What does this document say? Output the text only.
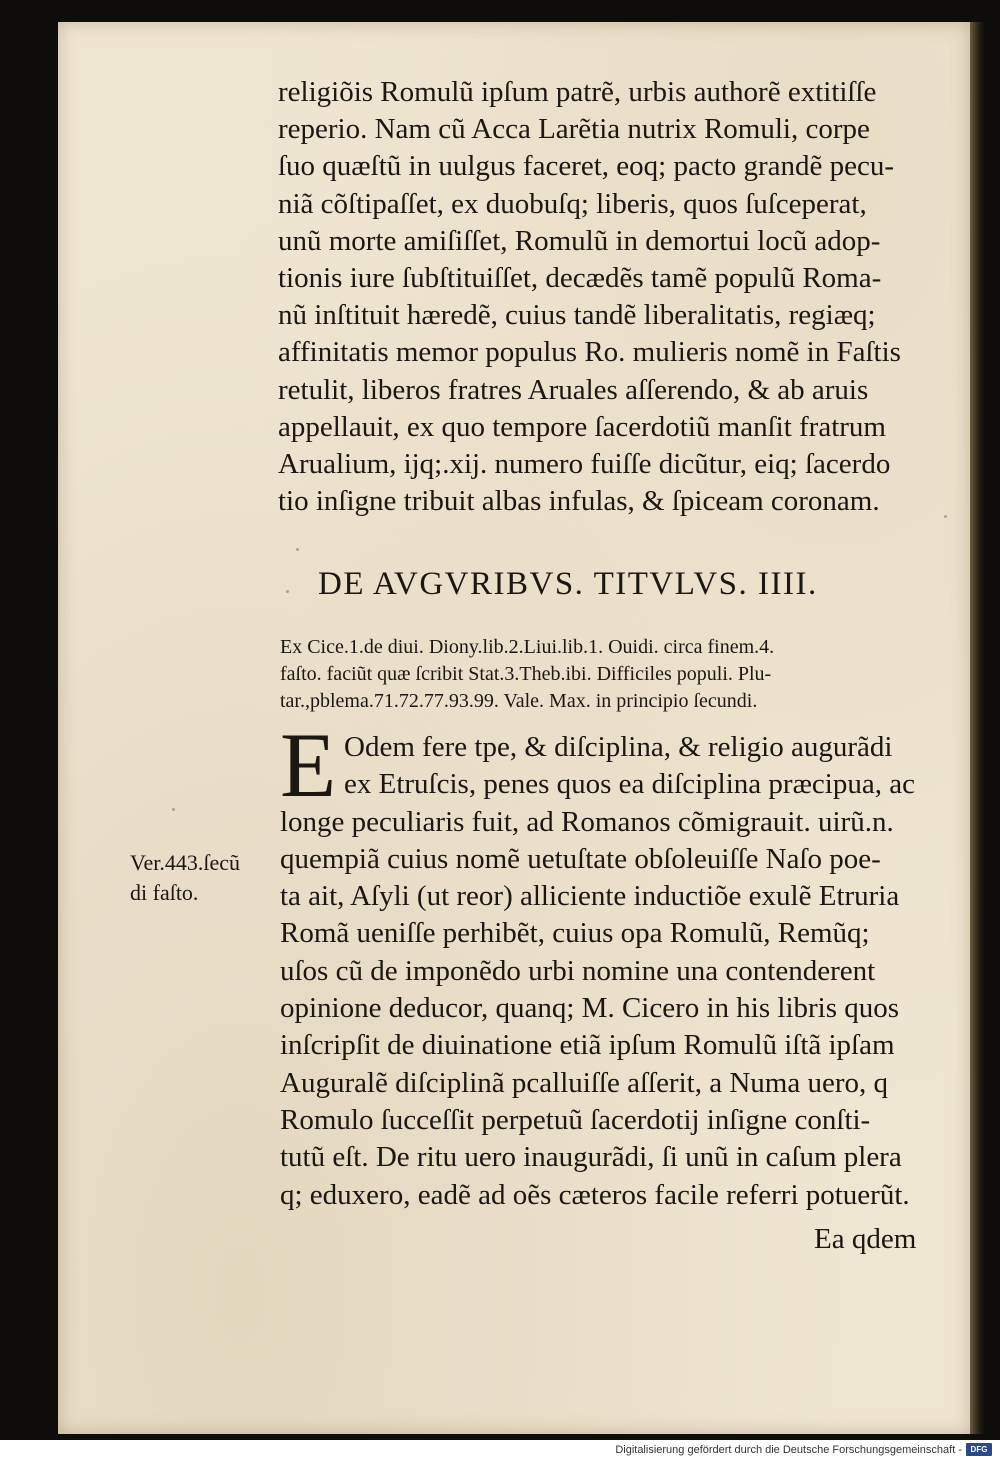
religiõis Romulũ ipſum patrẽ, urbis authorẽ extitiſſe
reperio. Nam cũ Acca Larẽtia nutrix Romuli, corpe
ſuo quæſtũ in uulgus faceret, eoq; pacto grandẽ pecu-
niã cõſtipaſſet, ex duobuſq; liberis, quos ſuſceperat,
unũ morte amiſiſſet, Romulũ in demortui locũ adop-
tionis iure ſubſtituiſſet, decædẽs tamẽ populũ Roma-
nũ inſtituit hæredẽ, cuius tandẽ liberalitatis, regiæq;
affinitatis memor populus Ro. mulieris nomẽ in Faſtis
retulit, liberos fratres Aruales aſſerendo, & ab aruis
appellauit, ex quo tempore ſacerdotiũ manſit fratrum
Arualium, ĳq;.xĳ. numero fuiſſe dicũtur, eiq; ſacerdo
tio inſigne tribuit albas infulas, & ſpiceam coronam.
DE AVGVRIBVS. TITVLVS. IIII.
Ex Cice.1.de diui. Diony.lib.2.Liui.lib.1. Ouidi. circa finem.4.
faſto. faciũt quæ ſcribit Stat.3.Theb.ibi. Difficiles populi. Plu-
tar.,pblema.71.72.77.93.99. Vale. Max. in principio ſecundi.
E Odem fere tpe, & diſciplina, & religio augurãdi
ex Etruſcis, penes quos ea diſciplina præcipua, ac
longe peculiaris fuit, ad Romanos cõmigrauit. uirũ.n.
quempiã cuius nomẽ uetuſtate obſoleuiſſe Naſo poe-
ta ait, Aſyli (ut reor) alliciente inductiõe exulẽ Etruria
Romã ueniſſe perhibẽt, cuius opa Romulũ, Remũq;
uſos cũ de imponẽdo urbi nomine una contenderent
opinione deducor, quanq; M. Cicero in his libris quos
inſcripſit de diuinatione etiã ipſum Romulũ iſtã ipſam
Auguralẽ diſciplinã pcalluiſſe aſſerit, a Numa uero, q
Romulo ſucceſſit perpetuũ ſacerdotĳ inſigne conſti-
tutũ eſt. De ritu uero inaugurãdi, ſi unũ in caſum plera
q; eduxero, eadẽ ad oẽs cæteros facile referri potuerũt.
Ea qdem
Ver.443.ſecũ
di faſto.
Digitalisierung gefördert durch die Deutsche Forschungsgemeinschaft -	DFG
